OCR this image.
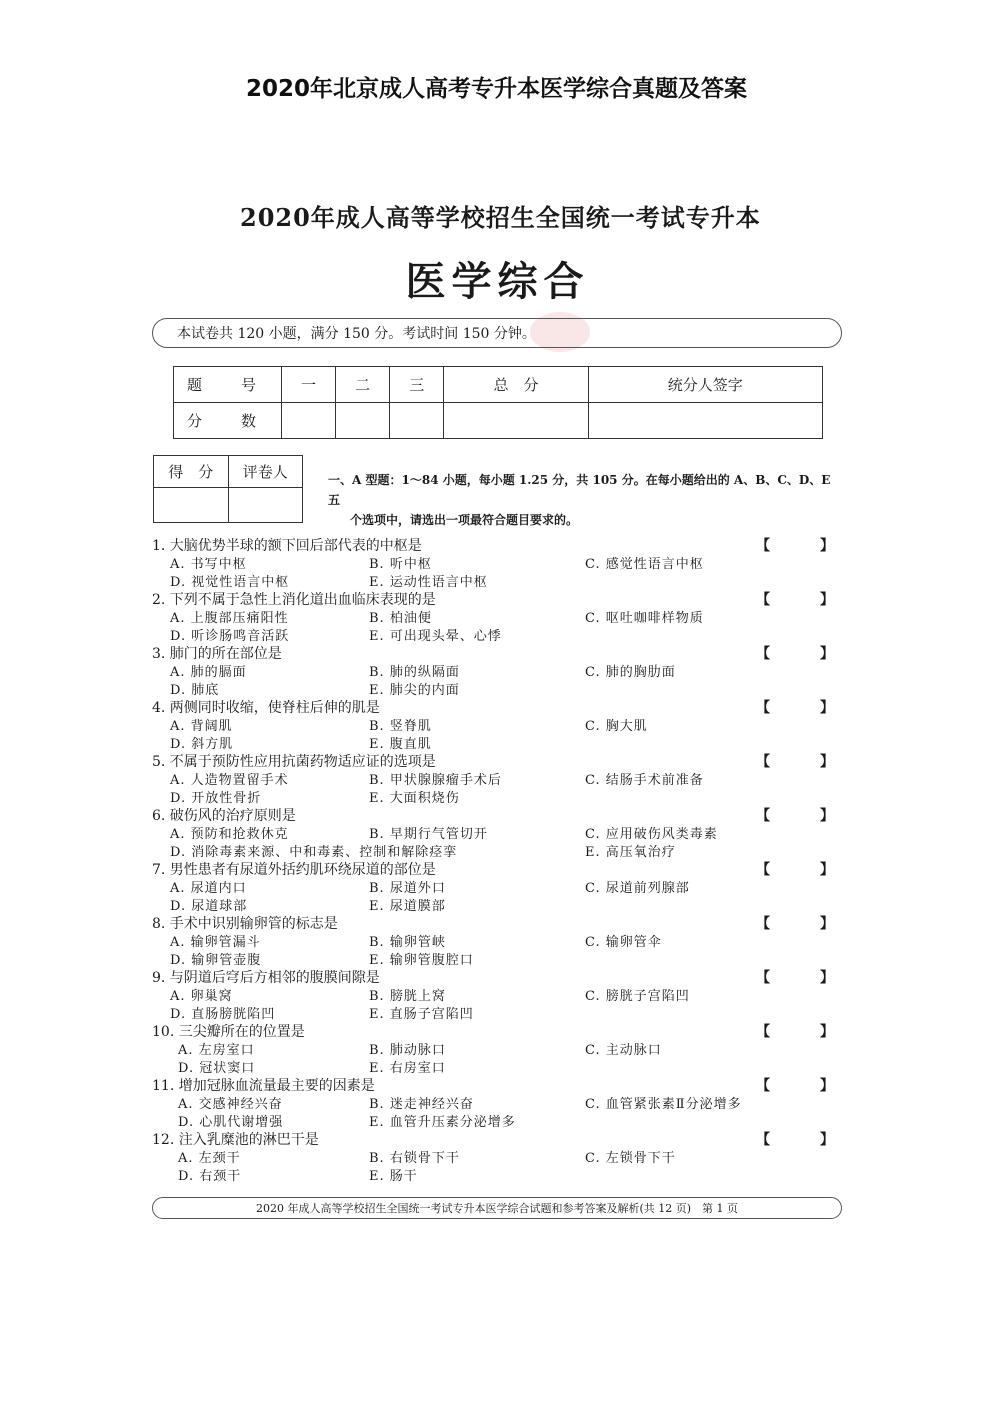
2020年北京成人高考专升本医学综合真题及答案
2020年成人高等学校招生全国统一考试专升本
医学综合
本试卷共 120 小题，满分 150 分。考试时间 150 分钟。
题　号	一	二	三	总　分	统分人签字
分　数					
得　分	评卷人
		一、A 型题：1～84 小题，每小题 1.25 分，共 105 分。在每小题给出的 A、B、C、D、E 五
个选项中，请选出一项最符合题目要求的。
1. 大脑优势半球的额下回后部代表的中枢是	【　】
A. 书写中枢	B. 听中枢	C. 感觉性语言中枢
D. 视觉性语言中枢	E. 运动性语言中枢
2. 下列不属于急性上消化道出血临床表现的是	【　】
A. 上腹部压痛阳性	B. 柏油便	C. 呕吐咖啡样物质
D. 听诊肠鸣音活跃	E. 可出现头晕、心悸
3. 肺门的所在部位是	【　】
A. 肺的膈面	B. 肺的纵隔面	C. 肺的胸肋面
D. 肺底	E. 肺尖的内面
4. 两侧同时收缩，使脊柱后伸的肌是	【　】
A. 背阔肌	B. 竖脊肌	C. 胸大肌
D. 斜方肌	E. 腹直肌
5. 不属于预防性应用抗菌药物适应证的选项是	【　】
A. 人造物置留手术	B. 甲状腺腺瘤手术后	C. 结肠手术前准备
D. 开放性骨折	E. 大面积烧伤
6. 破伤风的治疗原则是	【　】
A. 预防和抢救休克	B. 早期行气管切开	C. 应用破伤风类毒素
D. 消除毒素来源、中和毒素、控制和解除痉挛	E. 高压氧治疗
7. 男性患者有尿道外括约肌环绕尿道的部位是	【　】
A. 尿道内口	B. 尿道外口	C. 尿道前列腺部
D. 尿道球部	E. 尿道膜部
8. 手术中识别输卵管的标志是	【　】
A. 输卵管漏斗	B. 输卵管峡	C. 输卵管伞
D. 输卵管壶腹	E. 输卵管腹腔口
9. 与阴道后穹后方相邻的腹膜间隙是	【　】
A. 卵巢窝	B. 膀胱上窝	C. 膀胱子宫陷凹
D. 直肠膀胱陷凹	E. 直肠子宫陷凹
10. 三尖瓣所在的位置是	【　】
A. 左房室口	B. 肺动脉口	C. 主动脉口
D. 冠状窦口	E. 右房室口
11. 增加冠脉血流量最主要的因素是	【　】
A. 交感神经兴奋	B. 迷走神经兴奋	C. 血管紧张素Ⅱ分泌增多
D. 心肌代谢增强	E. 血管升压素分泌增多
12. 注入乳糜池的淋巴干是	【　】
A. 左颈干	B. 右锁骨下干	C. 左锁骨下干
D. 右颈干	E. 肠干
2020 年成人高等学校招生全国统一考试专升本医学综合试题和参考答案及解析(共 12 页)　第 1 页
